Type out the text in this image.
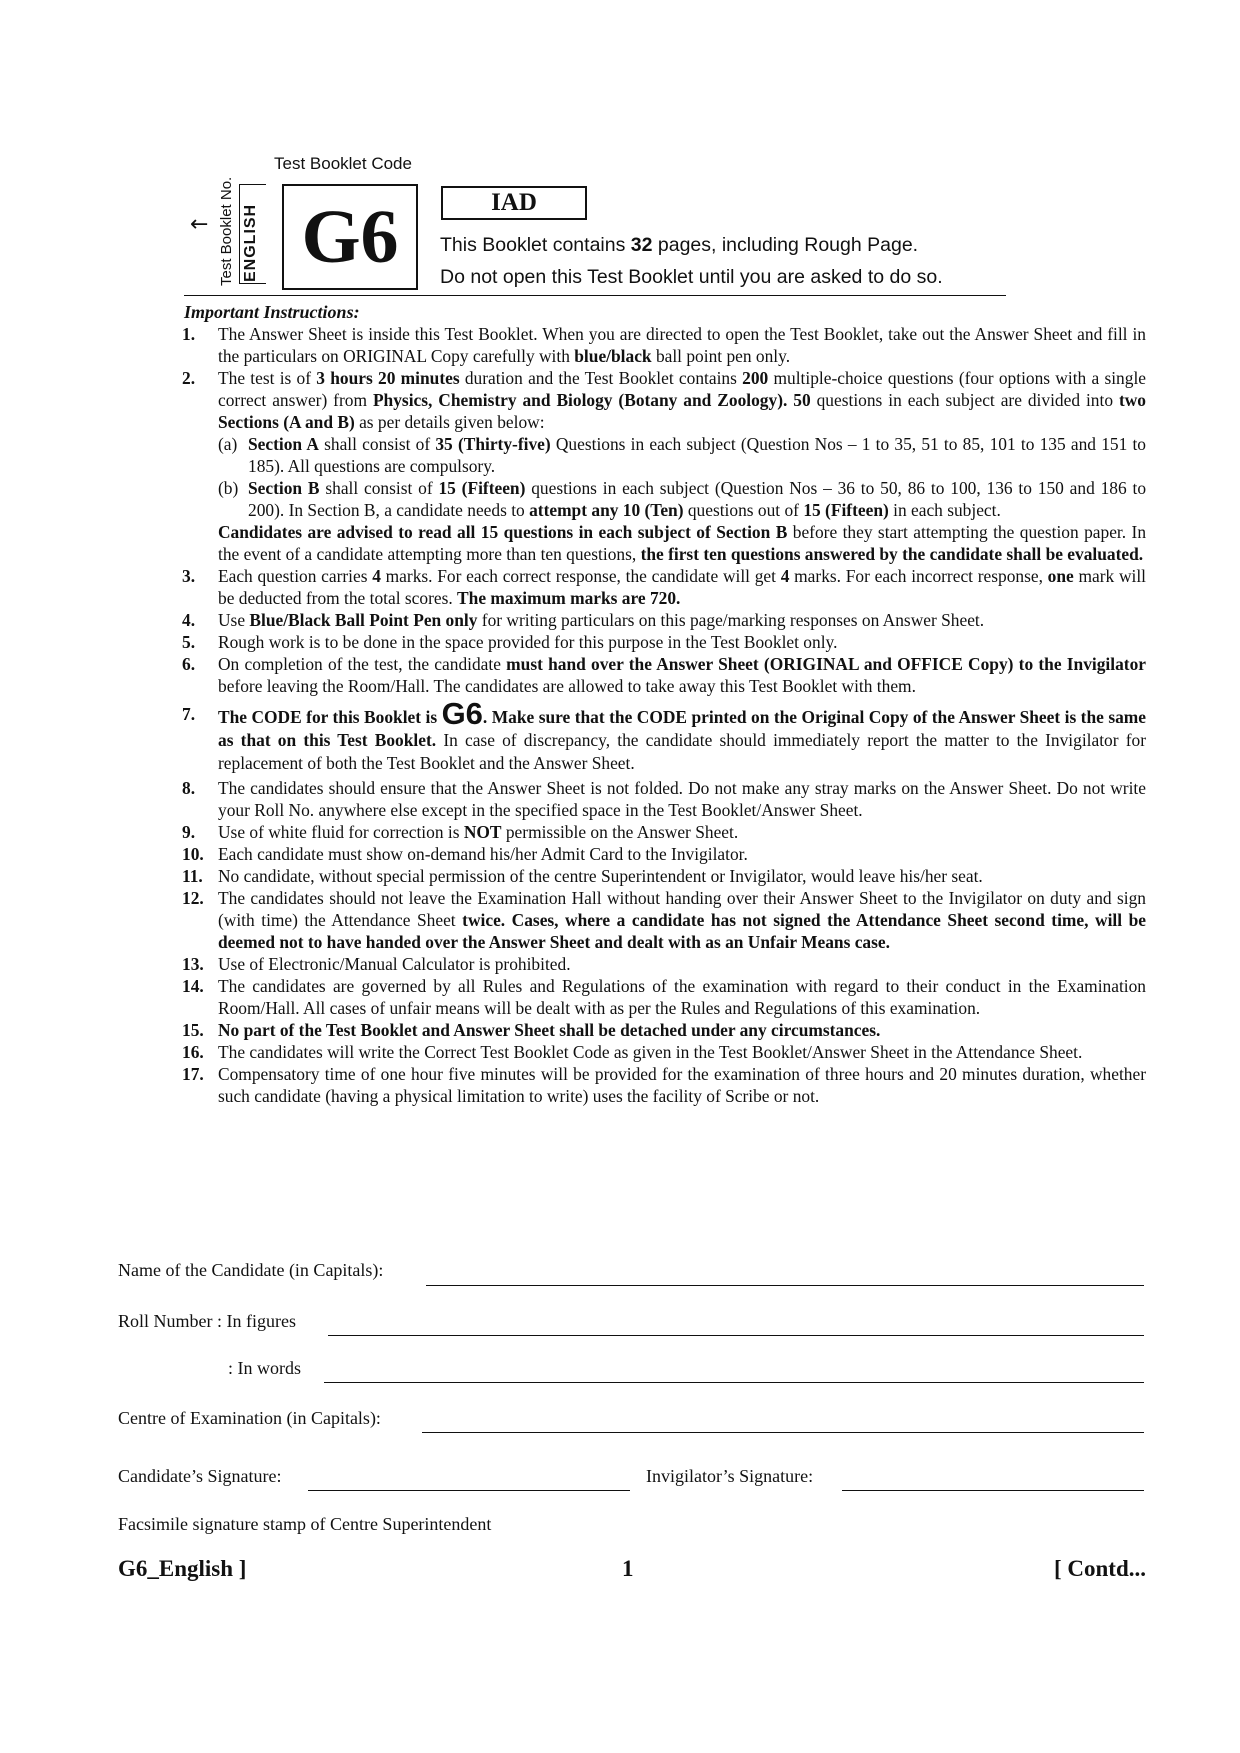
Test Booklet Code
← Test Booklet No. ENGLISH G6	IAD
This Booklet contains 32 pages, including Rough Page.
Do not open this Test Booklet until you are asked to do so.
Important Instructions:
1.	The Answer Sheet is inside this Test Booklet. When you are directed to open the Test Booklet, take out the Answer Sheet and fill in the particulars on ORIGINAL Copy carefully with blue/black ball point pen only.
2.	The test is of 3 hours 20 minutes duration and the Test Booklet contains 200 multiple-choice questions (four options with a single correct answer) from Physics, Chemistry and Biology (Botany and Zoology). 50 questions in each subject are divided into two Sections (A and B) as per details given below:

(a) Section A shall consist of 35 (Thirty-five) Questions in each subject (Question Nos – 1 to 35, 51 to 85, 101 to 135 and 151 to 185). All questions are compulsory.
(b) Section B shall consist of 15 (Fifteen) questions in each subject (Question Nos – 36 to 50, 86 to 100, 136 to 150 and 186 to 200). In Section B, a candidate needs to attempt any 10 (Ten) questions out of 15 (Fifteen) in each subject.

Candidates are advised to read all 15 questions in each subject of Section B before they start attempting the question paper. In the event of a candidate attempting more than ten questions, the first ten questions answered by the candidate shall be evaluated.

3.	Each question carries 4 marks. For each correct response, the candidate will get 4 marks. For each incorrect response, one mark will be deducted from the total scores. The maximum marks are 720.
4.	Use Blue/Black Ball Point Pen only for writing particulars on this page/marking responses on Answer Sheet.
5.	Rough work is to be done in the space provided for this purpose in the Test Booklet only.
6.	On completion of the test, the candidate must hand over the Answer Sheet (ORIGINAL and OFFICE Copy) to the Invigilator before leaving the Room/Hall. The candidates are allowed to take away this Test Booklet with them.
7.	The CODE for this Booklet is G6. Make sure that the CODE printed on the Original Copy of the Answer Sheet is the same as that on this Test Booklet. In case of discrepancy, the candidate should immediately report the matter to the Invigilator for replacement of both the Test Booklet and the Answer Sheet.
8.	The candidates should ensure that the Answer Sheet is not folded. Do not make any stray marks on the Answer Sheet. Do not write your Roll No. anywhere else except in the specified space in the Test Booklet/Answer Sheet.
9.	Use of white fluid for correction is NOT permissible on the Answer Sheet.
10. Each candidate must show on-demand his/her Admit Card to the Invigilator.
11. No candidate, without special permission of the centre Superintendent or Invigilator, would leave his/her seat.
12. The candidates should not leave the Examination Hall without handing over their Answer Sheet to the Invigilator on duty and sign (with time) the Attendance Sheet twice. Cases, where a candidate has not signed the Attendance Sheet second time, will be deemed not to have handed over the Answer Sheet and dealt with as an Unfair Means case.
13. Use of Electronic/Manual Calculator is prohibited.
14. The candidates are governed by all Rules and Regulations of the examination with regard to their conduct in the Examination Room/Hall. All cases of unfair means will be dealt with as per the Rules and Regulations of this examination.
15. No part of the Test Booklet and Answer Sheet shall be detached under any circumstances.
16. The candidates will write the Correct Test Booklet Code as given in the Test Booklet/Answer Sheet in the Attendance Sheet.
17. Compensatory time of one hour five minutes will be provided for the examination of three hours and 20 minutes duration, whether such candidate (having a physical limitation to write) uses the facility of Scribe or not.
Name of the Candidate (in Capitals):
Roll Number : In figures
: In words
Centre of Examination (in Capitals):
Candidate’s Signature:	Invigilator’s Signature:
Facsimile signature stamp of Centre Superintendent
G6_English ]	1	[ Contd...
